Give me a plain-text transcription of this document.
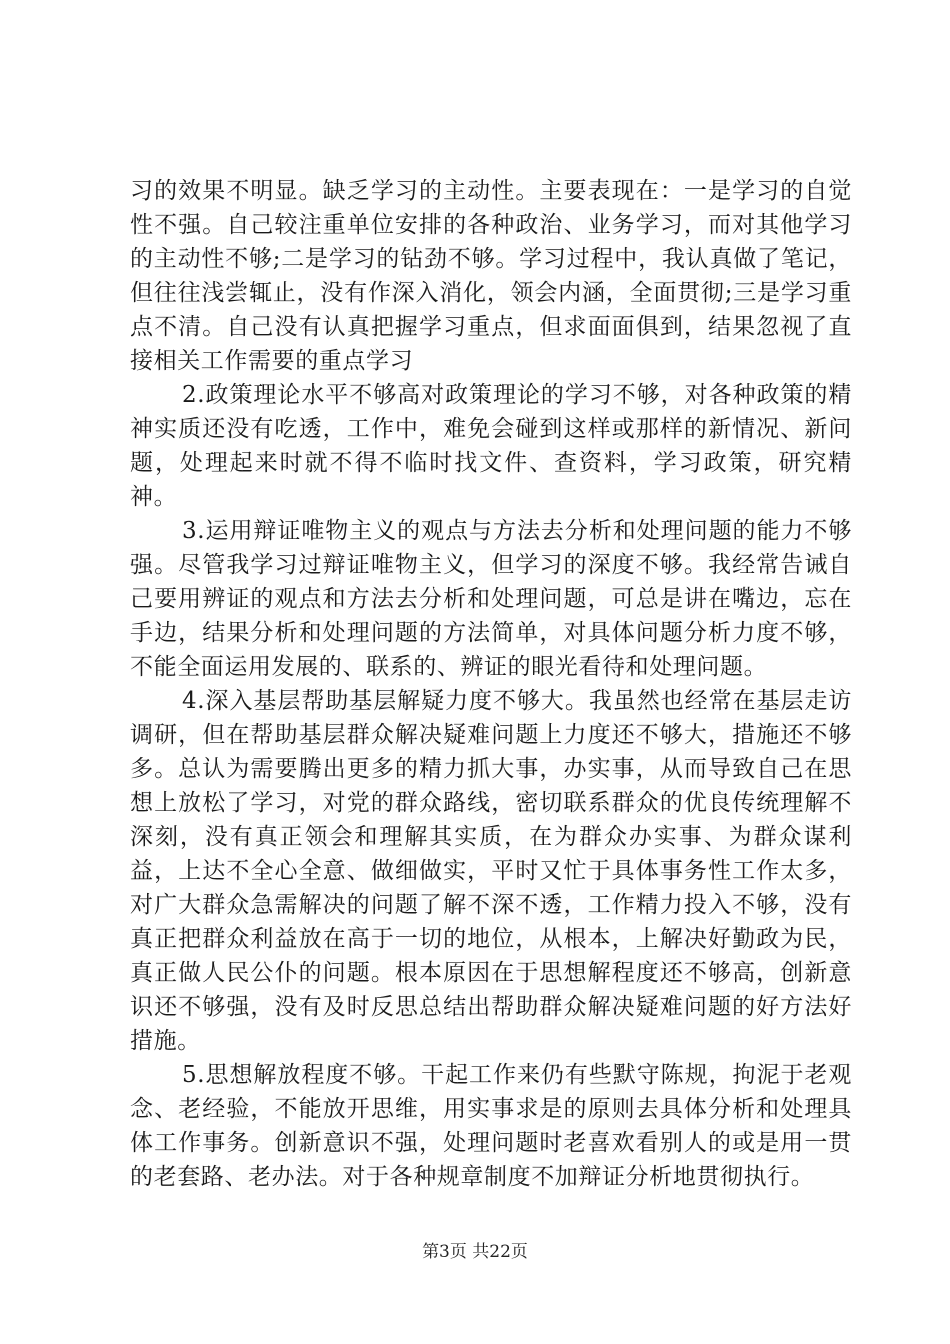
习的效果不明显。缺乏学习的主动性。主要表现在：一是学习的自觉性不强。自己较注重单位安排的各种政治、业务学习，而对其他学习的主动性不够;二是学习的钻劲不够。学习过程中，我认真做了笔记，但往往浅尝辄止，没有作深入消化，领会内涵，全面贯彻;三是学习重点不清。自己没有认真把握学习重点，但求面面俱到，结果忽视了直接相关工作需要的重点学习

2.政策理论水平不够高对政策理论的学习不够，对各种政策的精神实质还没有吃透，工作中，难免会碰到这样或那样的新情况、新问题，处理起来时就不得不临时找文件、查资料，学习政策，研究精神。

3.运用辩证唯物主义的观点与方法去分析和处理问题的能力不够强。尽管我学习过辩证唯物主义，但学习的深度不够。我经常告诫自己要用辨证的观点和方法去分析和处理问题，可总是讲在嘴边，忘在手边，结果分析和处理问题的方法简单，对具体问题分析力度不够，不能全面运用发展的、联系的、辨证的眼光看待和处理问题。

4.深入基层帮助基层解疑力度不够大。我虽然也经常在基层走访调研，但在帮助基层群众解决疑难问题上力度还不够大，措施还不够多。总认为需要腾出更多的精力抓大事，办实事，从而导致自己在思想上放松了学习，对党的群众路线，密切联系群众的优良传统理解不深刻，没有真正领会和理解其实质，在为群众办实事、为群众谋利益，上达不全心全意、做细做实，平时又忙于具体事务性工作太多，对广大群众急需解决的问题了解不深不透，工作精力投入不够，没有真正把群众利益放在高于一切的地位，从根本，上解决好勤政为民，真正做人民公仆的问题。根本原因在于思想解程度还不够高，创新意识还不够强，没有及时反思总结出帮助群众解决疑难问题的好方法好措施。

5.思想解放程度不够。干起工作来仍有些默守陈规，拘泥于老观念、老经验，不能放开思维，用实事求是的原则去具体分析和处理具体工作事务。创新意识不强，处理问题时老喜欢看别人的或是用一贯的老套路、老办法。对于各种规章制度不加辩证分析地贯彻执行。

第3页 共22页
